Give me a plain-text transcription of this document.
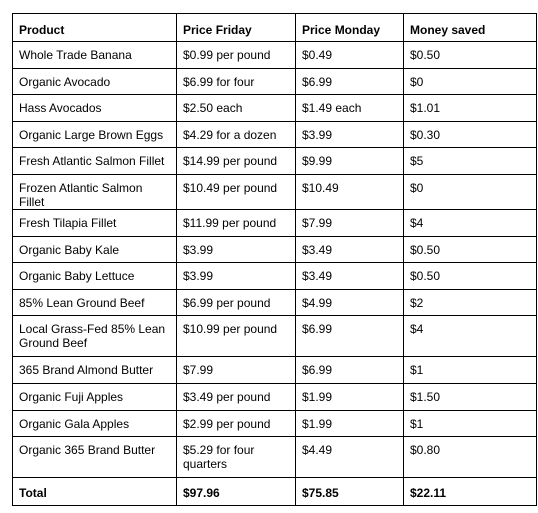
Product	Price Friday	Price Monday	Money saved
Whole Trade Banana	$0.99 per pound	$0.49	$0.50
Organic Avocado	$6.99 for four	$6.99	$0
Hass Avocados	$2.50 each	$1.49 each	$1.01
Organic Large Brown Eggs	$4.29 for a dozen	$3.99	$0.30
Fresh Atlantic Salmon Fillet	$14.99 per pound	$9.99	$5
Frozen Atlantic Salmon Fillet	$10.49 per pound	$10.49	$0
Fresh Tilapia Fillet	$11.99 per pound	$7.99	$4
Organic Baby Kale	$3.99	$3.49	$0.50
Organic Baby Lettuce	$3.99	$3.49	$0.50
85% Lean Ground Beef	$6.99 per pound	$4.99	$2
Local Grass-Fed 85% Lean Ground Beef	$10.99 per pound	$6.99	$4
365 Brand Almond Butter	$7.99	$6.99	$1
Organic Fuji Apples	$3.49 per pound	$1.99	$1.50
Organic Gala Apples	$2.99 per pound	$1.99	$1
Organic 365 Brand Butter	$5.29 for four quarters	$4.49	$0.80
Total	$97.96	$75.85	$22.11
